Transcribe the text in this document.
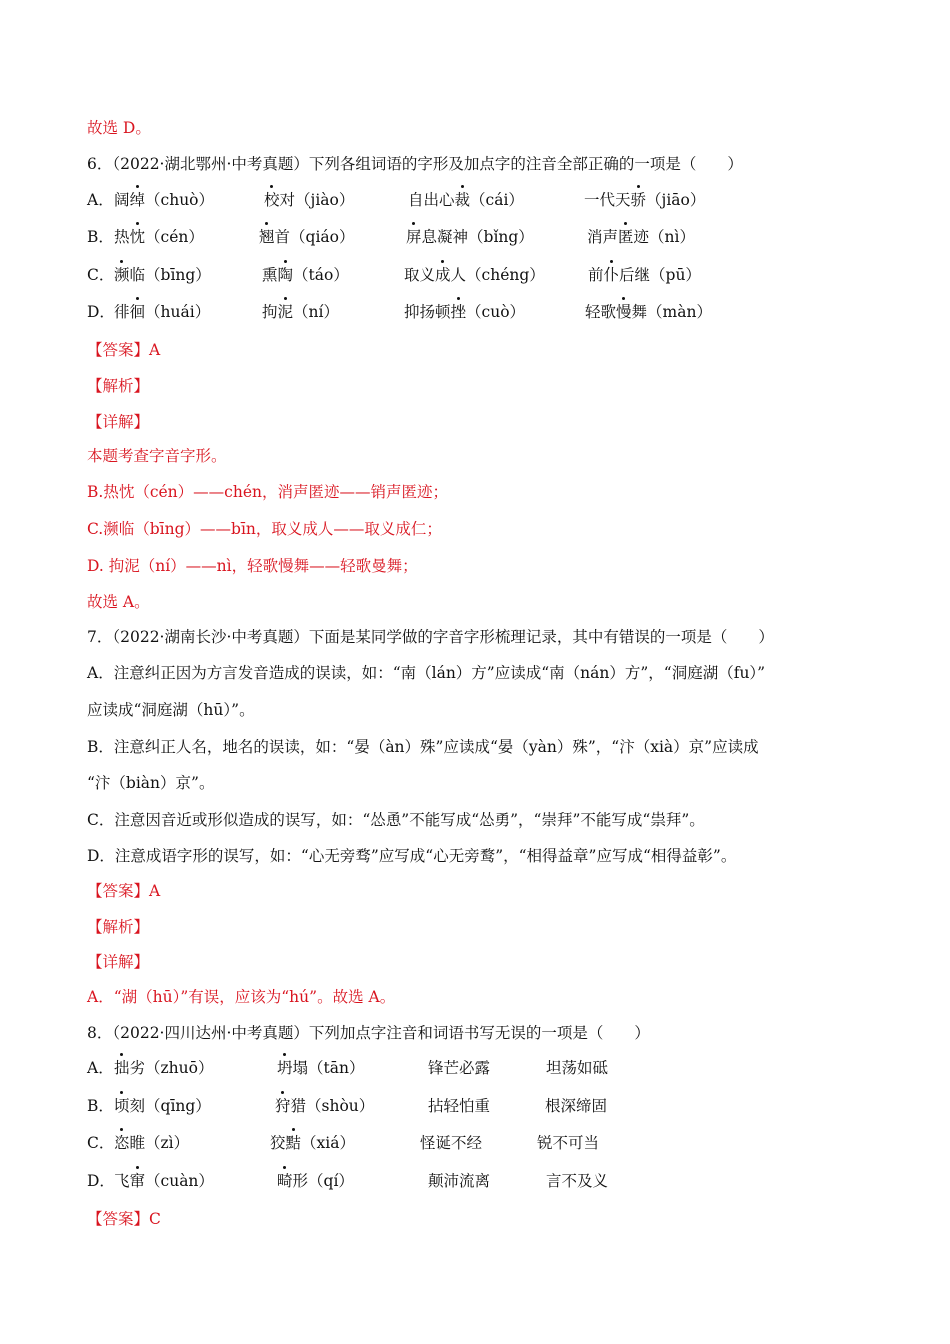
故选 D。
6．（2022·湖北鄂州·中考真题）下列各组词语的字形及加点字的注音全部正确的一项是（　　）
A． 阔绰（chuò）	校对（jiào）	自出心裁（cái）	一代天骄（jiāo）
B． 热忱（cén）	翘首（qiáo）	屏息凝神（bǐng）	消声匿迹（nì）
C． 濒临（bīng）	熏陶（táo）	取义成人（chéng）	前仆后继（pū）
D． 徘徊（huái）	拘泥（ní）	抑扬顿挫（cuò）	轻歌慢舞（màn）
【答案】A
【解析】
【详解】
本题考查字音字形。
B.热忱（cén）——chén，消声匿迹——销声匿迹；
C.濒临（bīng）——bīn，取义成人——取义成仁；
D. 拘泥（ní）——nì，轻歌慢舞——轻歌曼舞；
故选 A。
7．（2022·湖南长沙·中考真题）下面是某同学做的字音字形梳理记录，其中有错误的一项是（　　）
A．注意纠正因为方言发音造成的误读，如：“南（lán）方”应读成“南（nán）方”，“洞庭湖（fu）”
应读成“洞庭湖（hū）”。
B．注意纠正人名，地名的误读，如：“晏（àn）殊”应读成“晏（yàn）殊”，“汴（xià）京”应读成
“汴（biàn）京”。
C．注意因音近或形似造成的误写，如：“怂恿”不能写成“怂勇”，“崇拜”不能写成“祟拜”。
D．注意成语字形的误写，如：“心无旁骛”应写成“心无旁鹜”，“相得益章”应写成“相得益彰”。
【答案】A
【解析】
【详解】
A．“湖（hū）”有误，应该为“hú”。故选 A。
8．（2022·四川达州·中考真题）下列加点字注音和词语书写无误的一项是（　　）
A． 拙劣（zhuō）	坍塌（tān）	锋芒必露	坦荡如砥
B． 顷刻（qīng）	狩猎（shòu）	拈轻怕重	根深缔固
C． 恣睢（zì）	狡黠（xiá）	怪诞不经	锐不可当
D． 飞窜（cuàn）	畸形（qí）	颠沛流离	言不及义
【答案】C
